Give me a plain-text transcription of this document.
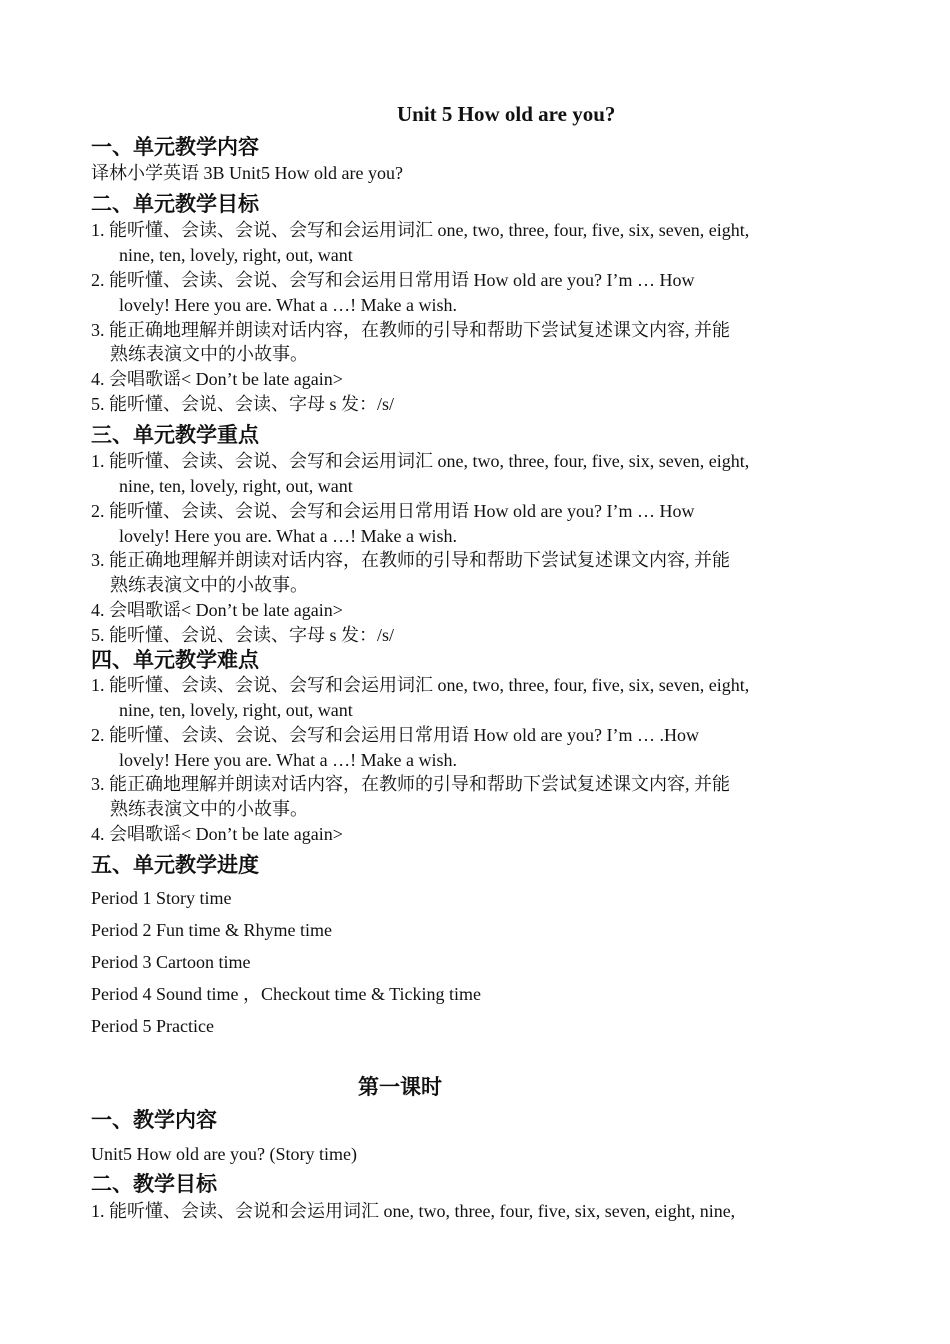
Unit 5 How old are you?
一、单元教学内容
译林小学英语 3B Unit5 How old are you?
二、单元教学目标
1. 能听懂、会读、会说、会写和会运用词汇 one, two, three, four, five, six, seven, eight,
nine, ten, lovely, right, out, want
2. 能听懂、会读、会说、会写和会运用日常用语 How old are you? I’m … How
lovely! Here you are. What a …! Make a wish.
3. 能正确地理解并朗读对话内容，在教师的引导和帮助下尝试复述课文内容, 并能
熟练表演文中的小故事。
4. 会唱歌谣< Don’t be late again>
5. 能听懂、会说、会读、字母 s 发：/s/
三、单元教学重点
1. 能听懂、会读、会说、会写和会运用词汇 one, two, three, four, five, six, seven, eight,
nine, ten, lovely, right, out, want
2. 能听懂、会读、会说、会写和会运用日常用语 How old are you? I’m … How
lovely! Here you are. What a …! Make a wish.
3. 能正确地理解并朗读对话内容，在教师的引导和帮助下尝试复述课文内容, 并能
熟练表演文中的小故事。
4. 会唱歌谣< Don’t be late again>
5. 能听懂、会说、会读、字母 s 发：/s/
四、单元教学难点
1. 能听懂、会读、会说、会写和会运用词汇 one, two, three, four, five, six, seven, eight,
nine, ten, lovely, right, out, want
2. 能听懂、会读、会说、会写和会运用日常用语 How old are you? I’m … .How
lovely! Here you are. What a …! Make a wish.
3. 能正确地理解并朗读对话内容，在教师的引导和帮助下尝试复述课文内容, 并能
熟练表演文中的小故事。
4. 会唱歌谣< Don’t be late again>
五、单元教学进度
Period 1 Story time
Period 2 Fun time & Rhyme time
Period 3 Cartoon time
Period 4 Sound time ，Checkout time & Ticking time
Period 5 Practice
第一课时
一、教学内容
Unit5 How old are you? (Story time)
二、教学目标
1. 能听懂、会读、会说和会运用词汇 one, two, three, four, five, six, seven, eight, nine,
